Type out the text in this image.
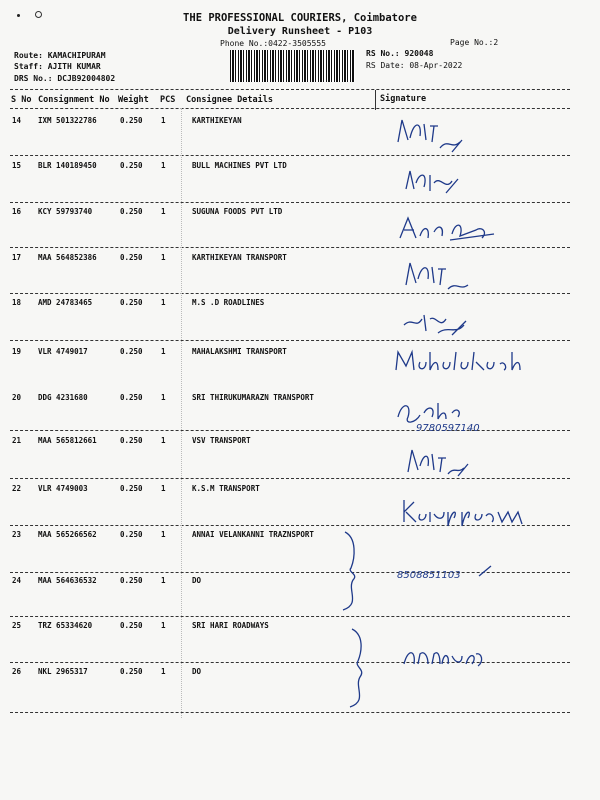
THE PROFESSIONAL COURIERS, Coimbatore
Delivery Runsheet - P103
Phone No.:0422-3505555	Page No.:2
Route: KAMACHIPURAM
Staff: AJITH KUMAR
DRS No.: DCJB92004802
RS No.: 920048
RS Date: 08-Apr-2022
S No Consignment No Weight PCS Consignee Details	Signature
14 IXM 501322786	0.250 1	KARTHIKEYAN
15 BLR 140189450	0.250 1	BULL MACHINES PVT LTD
16 KCY 59793740	0.250 1	SUGUNA FOODS PVT LTD
17 MAA 564852386	0.250 1	KARTHIKEYAN TRANSPORT
18 AMD 24783465	0.250 1	M.S .D ROADLINES
19 VLR 4749017	0.250 1	MAHALAKSHMI TRANSPORT
20 DDG 4231680	0.250 1	SRI THIRUKUMARAZN TRANSPORT
21 MAA 565812661	0.250 1	VSV TRANSPORT
22 VLR 4749003	0.250 1	K.S.M TRANSPORT
23 MAA 565266562	0.250 1	ANNAI VELANKANNI TRAZNSPORT
24 MAA 564636532	0.250 1	DO
25 TRZ 65334620	0.250 1	SRI HARI ROADWAYS
26 NKL 2965317	0.250 1	DO
9780597140
8508851103
